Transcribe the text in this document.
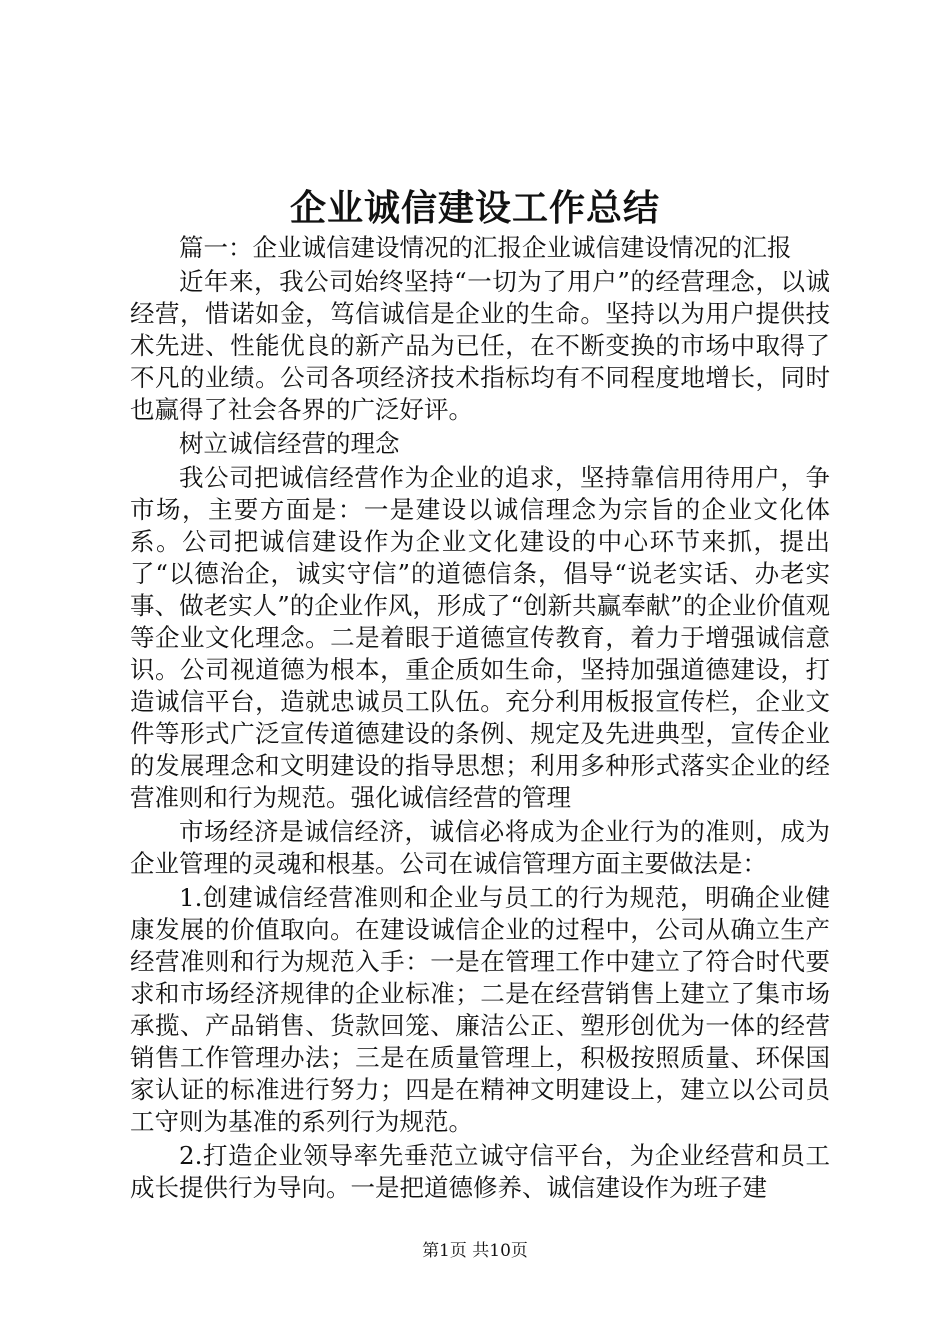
企业诚信建设工作总结

篇一：企业诚信建设情况的汇报企业诚信建设情况的汇报

近年来，我公司始终坚持“一切为了用户”的经营理念，以诚经营，惜诺如金，笃信诚信是企业的生命。坚持以为用户提供技术先进、性能优良的新产品为已任，在不断变换的市场中取得了不凡的业绩。公司各项经济技术指标均有不同程度地增长，同时也赢得了社会各界的广泛好评。

树立诚信经营的理念

我公司把诚信经营作为企业的追求，坚持靠信用待用户，争市场，主要方面是：一是建设以诚信理念为宗旨的企业文化体系。公司把诚信建设作为企业文化建设的中心环节来抓，提出了“以德治企，诚实守信”的道德信条，倡导“说老实话、办老实事、做老实人”的企业作风，形成了“创新共赢奉献”的企业价值观等企业文化理念。二是着眼于道德宣传教育，着力于增强诚信意识。公司视道德为根本，重企质如生命，坚持加强道德建设，打造诚信平台，造就忠诚员工队伍。充分利用板报宣传栏，企业文件等形式广泛宣传道德建设的条例、规定及先进典型，宣传企业的发展理念和文明建设的指导思想；利用多种形式落实企业的经营准则和行为规范。强化诚信经营的管理

市场经济是诚信经济，诚信必将成为企业行为的准则，成为企业管理的灵魂和根基。公司在诚信管理方面主要做法是：

1.创建诚信经营准则和企业与员工的行为规范，明确企业健康发展的价值取向。在建设诚信企业的过程中，公司从确立生产经营准则和行为规范入手：一是在管理工作中建立了符合时代要求和市场经济规律的企业标准；二是在经营销售上建立了集市场承揽、产品销售、货款回笼、廉洁公正、塑形创优为一体的经营销售工作管理办法；三是在质量管理上，积极按照质量、环保国家认证的标准进行努力；四是在精神文明建设上，建立以公司员工守则为基准的系列行为规范。

2.打造企业领导率先垂范立诚守信平台，为企业经营和员工成长提供行为导向。一是把道德修养、诚信建设作为班子建

第1页 共10页
